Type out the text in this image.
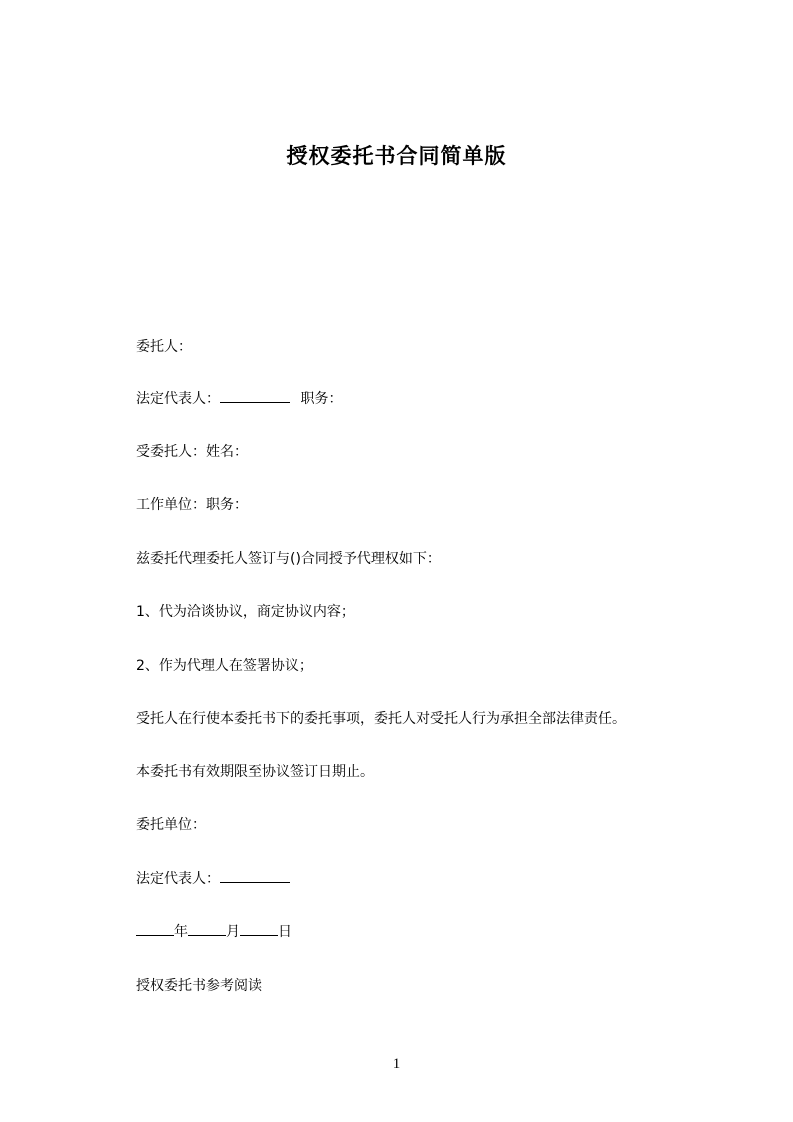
授权委托书合同简单版
委托人：
法定代表人：	职务：
受委托人：姓名：
工作单位：职务：
兹委托代理委托人签订与()合同授予代理权如下：
1、代为洽谈协议，商定协议内容；
2、作为代理人在签署协议；
受托人在行使本委托书下的委托事项，委托人对受托人行为承担全部法律责任。
本委托书有效期限至协议签订日期止。
委托单位：
法定代表人：
年	月	日
授权委托书参考阅读
1
